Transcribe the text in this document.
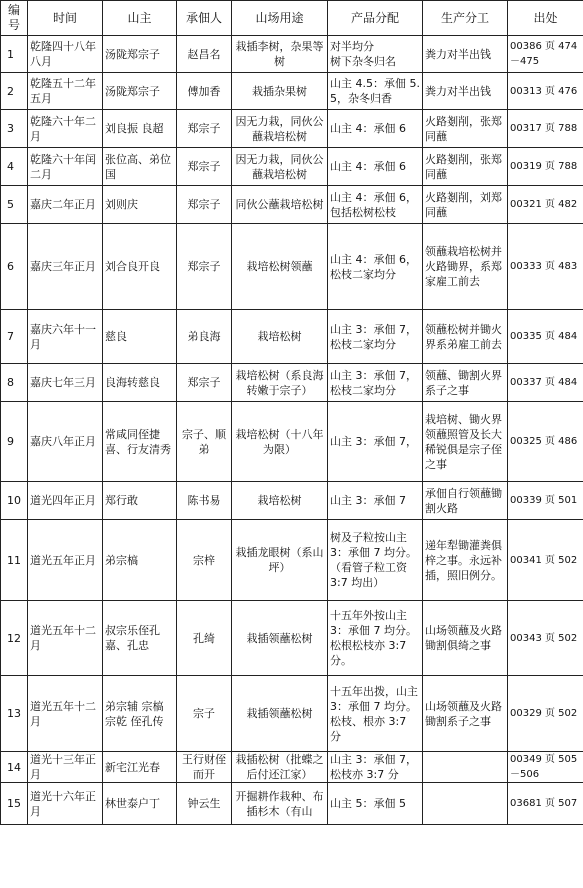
编号	时间	山主	承佃人	山场用途	产品分配	生产分工	出处

1	乾隆四十八年八月	汤陇郑宗子	赵昌名	栽插李树，杂果等树	对半均分
树下杂冬归名	粪力对半出钱	00386 页 474－475

2	乾隆五十二年五月	汤陇郑宗子	傅加香	栽插杂果树	山主 4.5：承佃 5.5，杂冬归香	粪力对半出钱	00313 页 476

3	乾隆六十年二月	刘良振 良超	郑宗子	因无力栽，同伙公蘸栽培松树	山主 4：承佃 6	火路剗削，张郑同蘸	00317 页 788

4	乾隆六十年闰二月	张位高、弟位国	郑宗子	因无力栽，同伙公蘸栽培松树	山主 4：承佃 6	火路剗削，张郑同蘸	00319 页 788

5	嘉庆二年正月	刘则庆	郑宗子	同伙公蘸栽培松树	山主 4：承佃 6，包括松树松枝	火路剗削，刘郑同蘸	00321 页 482

6	嘉庆三年正月	刘合良开良	郑宗子	栽培松树领蘸	山主 4：承佃 6，松枝二家均分	领蘸栽培松树并火路锄界，系郑家雇工前去	00333 页 483

7	嘉庆六年十一月	慈良	弟良海	栽培松树	山主 3：承佃 7，松枝二家均分	领蘸松树并锄火界系弟雇工前去	00335 页 484

8	嘉庆七年三月	良海转慈良	郑宗子	栽培松树（系良海转嫩于宗子）	山主 3：承佃 7，松枝二家均分	领蘸、锄割火界系子之事	00337 页 484

9	嘉庆八年正月	常咸同侄捷喜、行友清秀	宗子、顺弟	栽培松树（十八年为限）	山主 3：承佃 7，	栽培树、锄火界领蘸照管及长大稀锐俱是宗子侄之事	00325 页 486

10	道光四年正月	郑行敢	陈书易	栽培松树	山主 3：承佃 7	承佃自行领蘸锄割火路	00339 页 501

11	道光五年正月	弟宗槁	宗梓	栽插龙眼树（系山坪）	树及子粒按山主 3：承佃 7 均分。（看管子粒工资 3:7 均出）	递年犁锄灌粪俱梓之事。永远补插，照旧例分。	00341 页 502

12	道光五年十二月	叔宗乐侄孔嘉、孔忠	孔绮	栽插领蘸松树	十五年外按山主 3：承佃 7 均分。松根松枝亦 3:7 分。	山场领蘸及火路锄割俱绮之事	00343 页 502

13	道光五年十二月	弟宗辅 宗槁 宗乾 侄孔传	宗子	栽插领蘸松树	十五年出拨，山主 3：承佃 7 均分。松枝、根亦 3:7 分	山场领蘸及火路锄割系子之事	00329 页 502

14	道光十三年正月	新宅江光春	王行财侄而开	栽插松树（批蝶之后付还江家）	山主 3：承佃 7，松枝亦 3:7 分		00349 页 505－506

15	道光十六年正月	林世泰户丁	钟云生	开掘耕作栽种、布插杉木（有山	山主 5：承佃 5		03681 页 507
